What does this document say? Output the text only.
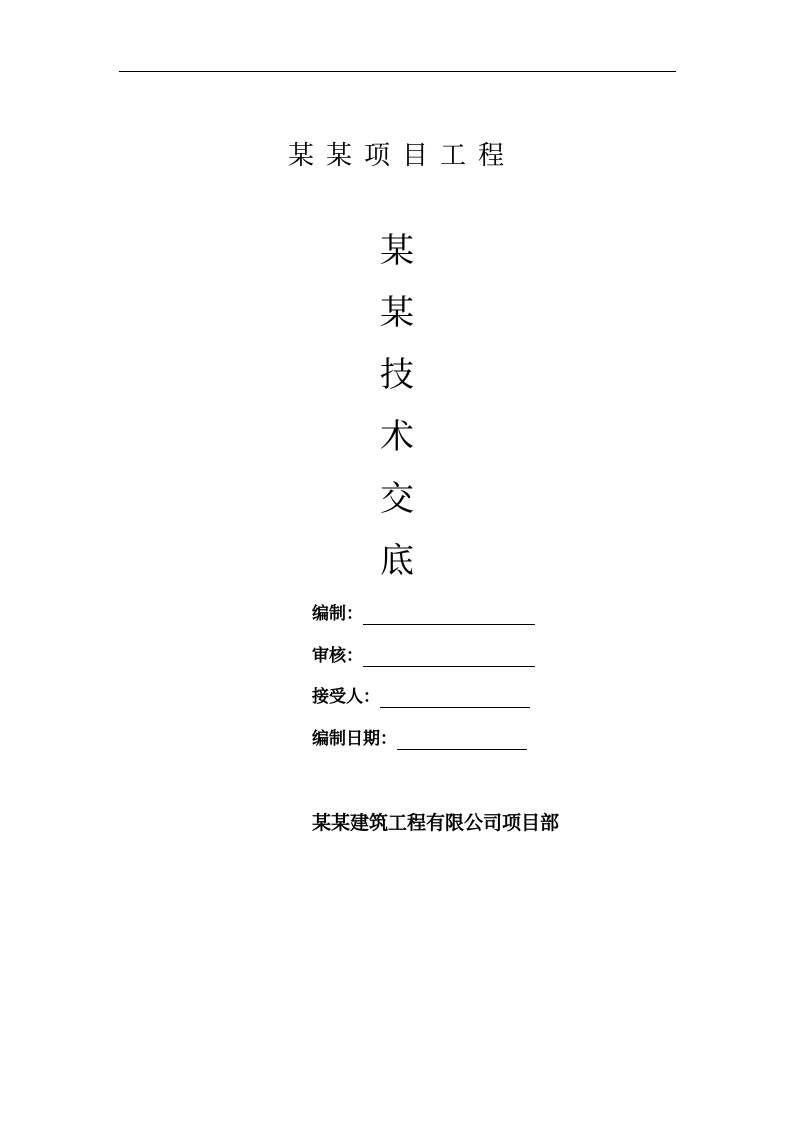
某某项目工程
某
某
技
术
交
底
编制：
审核：
接受人：
编制日期：
某某建筑工程有限公司项目部
